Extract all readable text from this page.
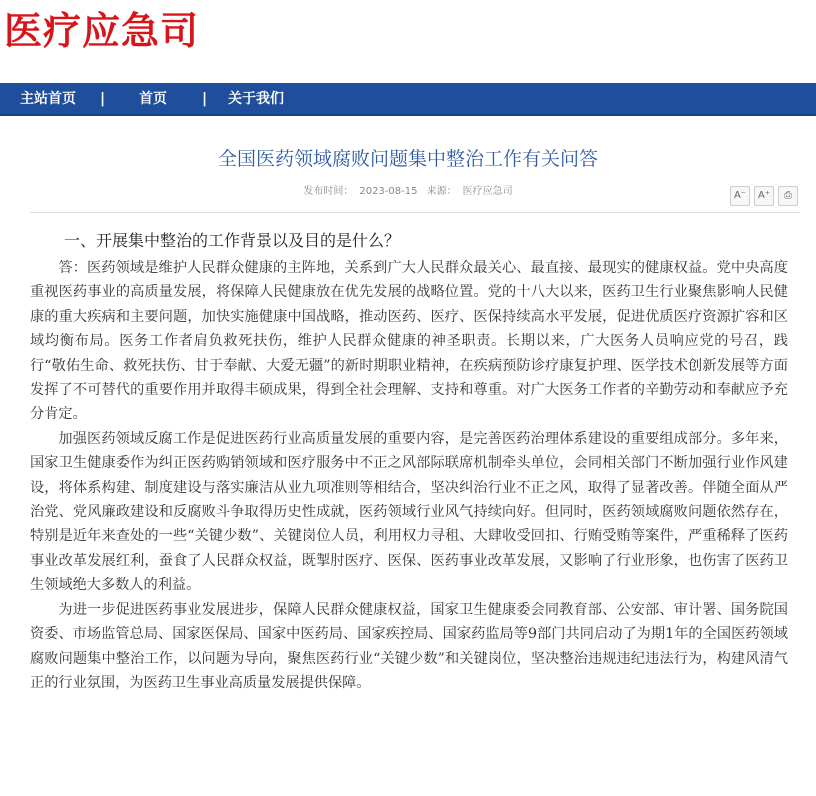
医疗应急司
主站首页 | 首页	| 关于我们
全国医药领域腐败问题集中整治工作有关问答
发布时间： 2023-08-15 来源： 医疗应急司	A⁻	A⁺	⎙
一、开展集中整治的工作背景以及目的是什么？

答：医药领域是维护人民群众健康的主阵地，关系到广大人民群众最关心、最直接、最现实的健康权益。党中央高度重视医药事业的高质量发展，将保障人民健康放在优先发展的战略位置。党的十八大以来，医药卫生行业聚焦影响人民健康的重大疾病和主要问题，加快实施健康中国战略，推动医药、医疗、医保持续高水平发展，促进优质医疗资源扩容和区域均衡布局。医务工作者肩负救死扶伤，维护人民群众健康的神圣职责。长期以来，广大医务人员响应党的号召，践行“敬佑生命、救死扶伤、甘于奉献、大爱无疆”的新时期职业精神，在疾病预防诊疗康复护理、医学技术创新发展等方面发挥了不可替代的重要作用并取得丰硕成果，得到全社会理解、支持和尊重。对广大医务工作者的辛勤劳动和奉献应予充分肯定。

加强医药领域反腐工作是促进医药行业高质量发展的重要内容，是完善医药治理体系建设的重要组成部分。多年来，国家卫生健康委作为纠正医药购销领域和医疗服务中不正之风部际联席机制牵头单位，会同相关部门不断加强行业作风建设，将体系构建、制度建设与落实廉洁从业九项准则等相结合，坚决纠治行业不正之风，取得了显著改善。伴随全面从严治党、党风廉政建设和反腐败斗争取得历史性成就，医药领域行业风气持续向好。但同时，医药领域腐败问题依然存在，特别是近年来查处的一些“关键少数”、关键岗位人员，利用权力寻租、大肆收受回扣、行贿受贿等案件，严重稀释了医药事业改革发展红利，蚕食了人民群众权益，既掣肘医疗、医保、医药事业改革发展，又影响了行业形象，也伤害了医药卫生领域绝大多数人的利益。

为进一步促进医药事业发展进步，保障人民群众健康权益，国家卫生健康委会同教育部、公安部、审计署、国务院国资委、市场监管总局、国家医保局、国家中医药局、国家疾控局、国家药监局等9部门共同启动了为期1年的全国医药领域腐败问题集中整治工作，以问题为导向，聚焦医药行业“关键少数”和关键岗位，坚决整治违规违纪违法行为，构建风清气正的行业氛围，为医药卫生事业高质量发展提供保障。
